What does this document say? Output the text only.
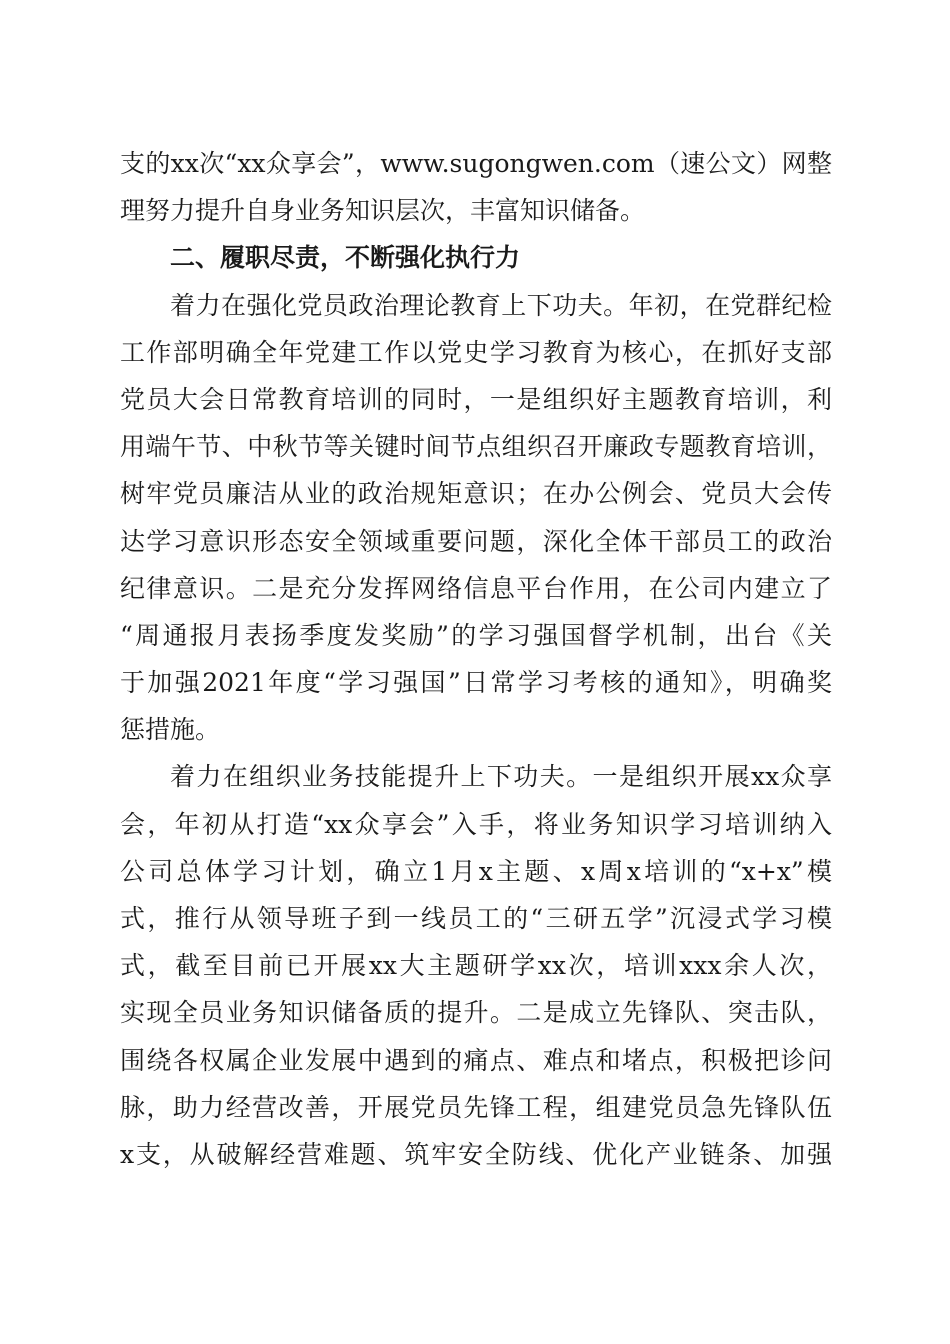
支的xx次“xx众享会”，www.sugongwen.com（速公文）网整
理努力提升自身业务知识层次，丰富知识储备。
二、履职尽责，不断强化执行力
着力在强化党员政治理论教育上下功夫。年初，在党群纪检
工作部明确全年党建工作以党史学习教育为核心，在抓好支部
党员大会日常教育培训的同时，一是组织好主题教育培训，利
用端午节、中秋节等关键时间节点组织召开廉政专题教育培训，
树牢党员廉洁从业的政治规矩意识；在办公例会、党员大会传
达学习意识形态安全领域重要问题，深化全体干部员工的政治
纪律意识。二是充分发挥网络信息平台作用，在公司内建立了
“周通报月表扬季度发奖励”的学习强国督学机制，出台《关
于加强2021年度“学习强国”日常学习考核的通知》，明确奖
惩措施。
着力在组织业务技能提升上下功夫。一是组织开展xx众享
会，年初从打造“xx众享会”入手，将业务知识学习培训纳入
公司总体学习计划，确立1月x主题、x周x培训的“x+x”模
式，推行从领导班子到一线员工的“三研五学”沉浸式学习模
式，截至目前已开展xx大主题研学xx次，培训xxx余人次，
实现全员业务知识储备质的提升。二是成立先锋队、突击队，
围绕各权属企业发展中遇到的痛点、难点和堵点，积极把诊问
脉，助力经营改善，开展党员先锋工程，组建党员急先锋队伍
x支，从破解经营难题、筑牢安全防线、优化产业链条、加强
